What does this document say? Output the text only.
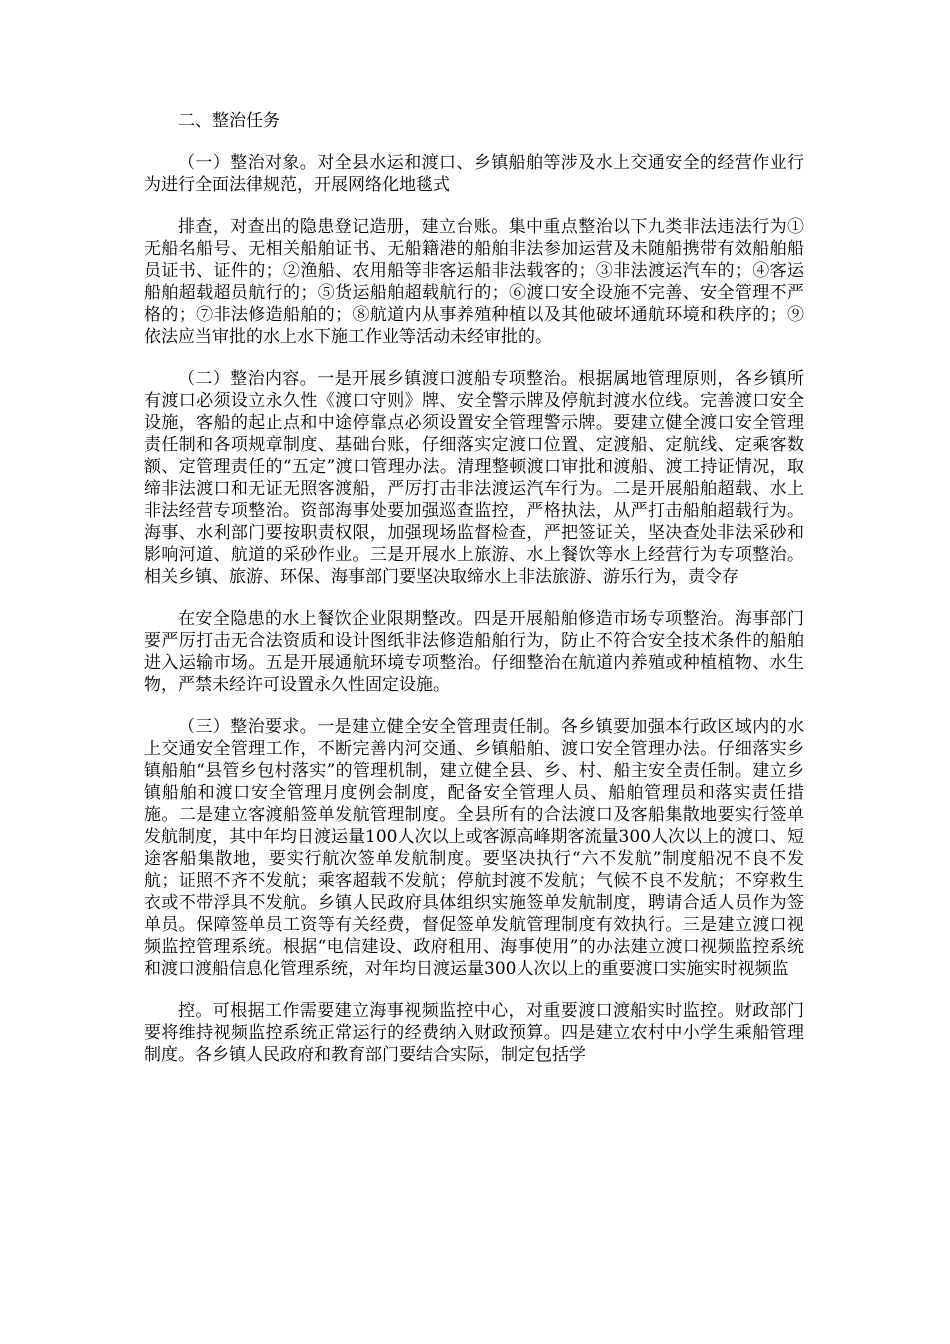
二、整治任务

（一）整治对象。对全县水运和渡口、乡镇船舶等涉及水上交通安全的经营作业行为进行全面法律规范，开展网络化地毯式

排查，对查出的隐患登记造册，建立台账。集中重点整治以下九类非法违法行为①无船名船号、无相关船舶证书、无船籍港的船舶非法参加运营及未随船携带有效船舶船员证书、证件的；②渔船、农用船等非客运船非法载客的；③非法渡运汽车的；④客运船舶超载超员航行的；⑤货运船舶超载航行的；⑥渡口安全设施不完善、安全管理不严格的；⑦非法修造船舶的；⑧航道内从事养殖种植以及其他破坏通航环境和秩序的；⑨依法应当审批的水上水下施工作业等活动未经审批的。

（二）整治内容。一是开展乡镇渡口渡船专项整治。根据属地管理原则，各乡镇所有渡口必须设立永久性《渡口守则》牌、安全警示牌及停航封渡水位线。完善渡口安全设施，客船的起止点和中途停靠点必须设置安全管理警示牌。要建立健全渡口安全管理责任制和各项规章制度、基础台账，仔细落实定渡口位置、定渡船、定航线、定乘客数额、定管理责任的“五定”渡口管理办法。清理整顿渡口审批和渡船、渡工持证情况，取缔非法渡口和无证无照客渡船，严厉打击非法渡运汽车行为。二是开展船舶超载、水上非法经营专项整治。资部海事处要加强巡查监控，严格执法，从严打击船舶超载行为。海事、水利部门要按职责权限，加强现场监督检查，严把签证关，坚决查处非法采砂和影响河道、航道的采砂作业。三是开展水上旅游、水上餐饮等水上经营行为专项整治。相关乡镇、旅游、环保、海事部门要坚决取缔水上非法旅游、游乐行为，责令存

在安全隐患的水上餐饮企业限期整改。四是开展船舶修造市场专项整治。海事部门要严厉打击无合法资质和设计图纸非法修造船舶行为，防止不符合安全技术条件的船舶进入运输市场。五是开展通航环境专项整治。仔细整治在航道内养殖或种植植物、水生物，严禁未经许可设置永久性固定设施。

（三）整治要求。一是建立健全安全管理责任制。各乡镇要加强本行政区域内的水上交通安全管理工作，不断完善内河交通、乡镇船舶、渡口安全管理办法。仔细落实乡镇船舶“县管乡包村落实”的管理机制，建立健全县、乡、村、船主安全责任制。建立乡镇船舶和渡口安全管理月度例会制度，配备安全管理人员、船舶管理员和落实责任措施。二是建立客渡船签单发航管理制度。全县所有的合法渡口及客船集散地要实行签单发航制度，其中年均日渡运量100人次以上或客源高峰期客流量300人次以上的渡口、短途客船集散地，要实行航次签单发航制度。要坚决执行“六不发航”制度船况不良不发航；证照不齐不发航；乘客超载不发航；停航封渡不发航；气候不良不发航；不穿救生衣或不带浮具不发航。乡镇人民政府具体组织实施签单发航制度，聘请合适人员作为签单员。保障签单员工资等有关经费，督促签单发航管理制度有效执行。三是建立渡口视频监控管理系统。根据“电信建设、政府租用、海事使用”的办法建立渡口视频监控系统和渡口渡船信息化管理系统，对年均日渡运量300人次以上的重要渡口实施实时视频监

控。可根据工作需要建立海事视频监控中心，对重要渡口渡船实时监控。财政部门要将维持视频监控系统正常运行的经费纳入财政预算。四是建立农村中小学生乘船管理制度。各乡镇人民政府和教育部门要结合实际，制定包括学
